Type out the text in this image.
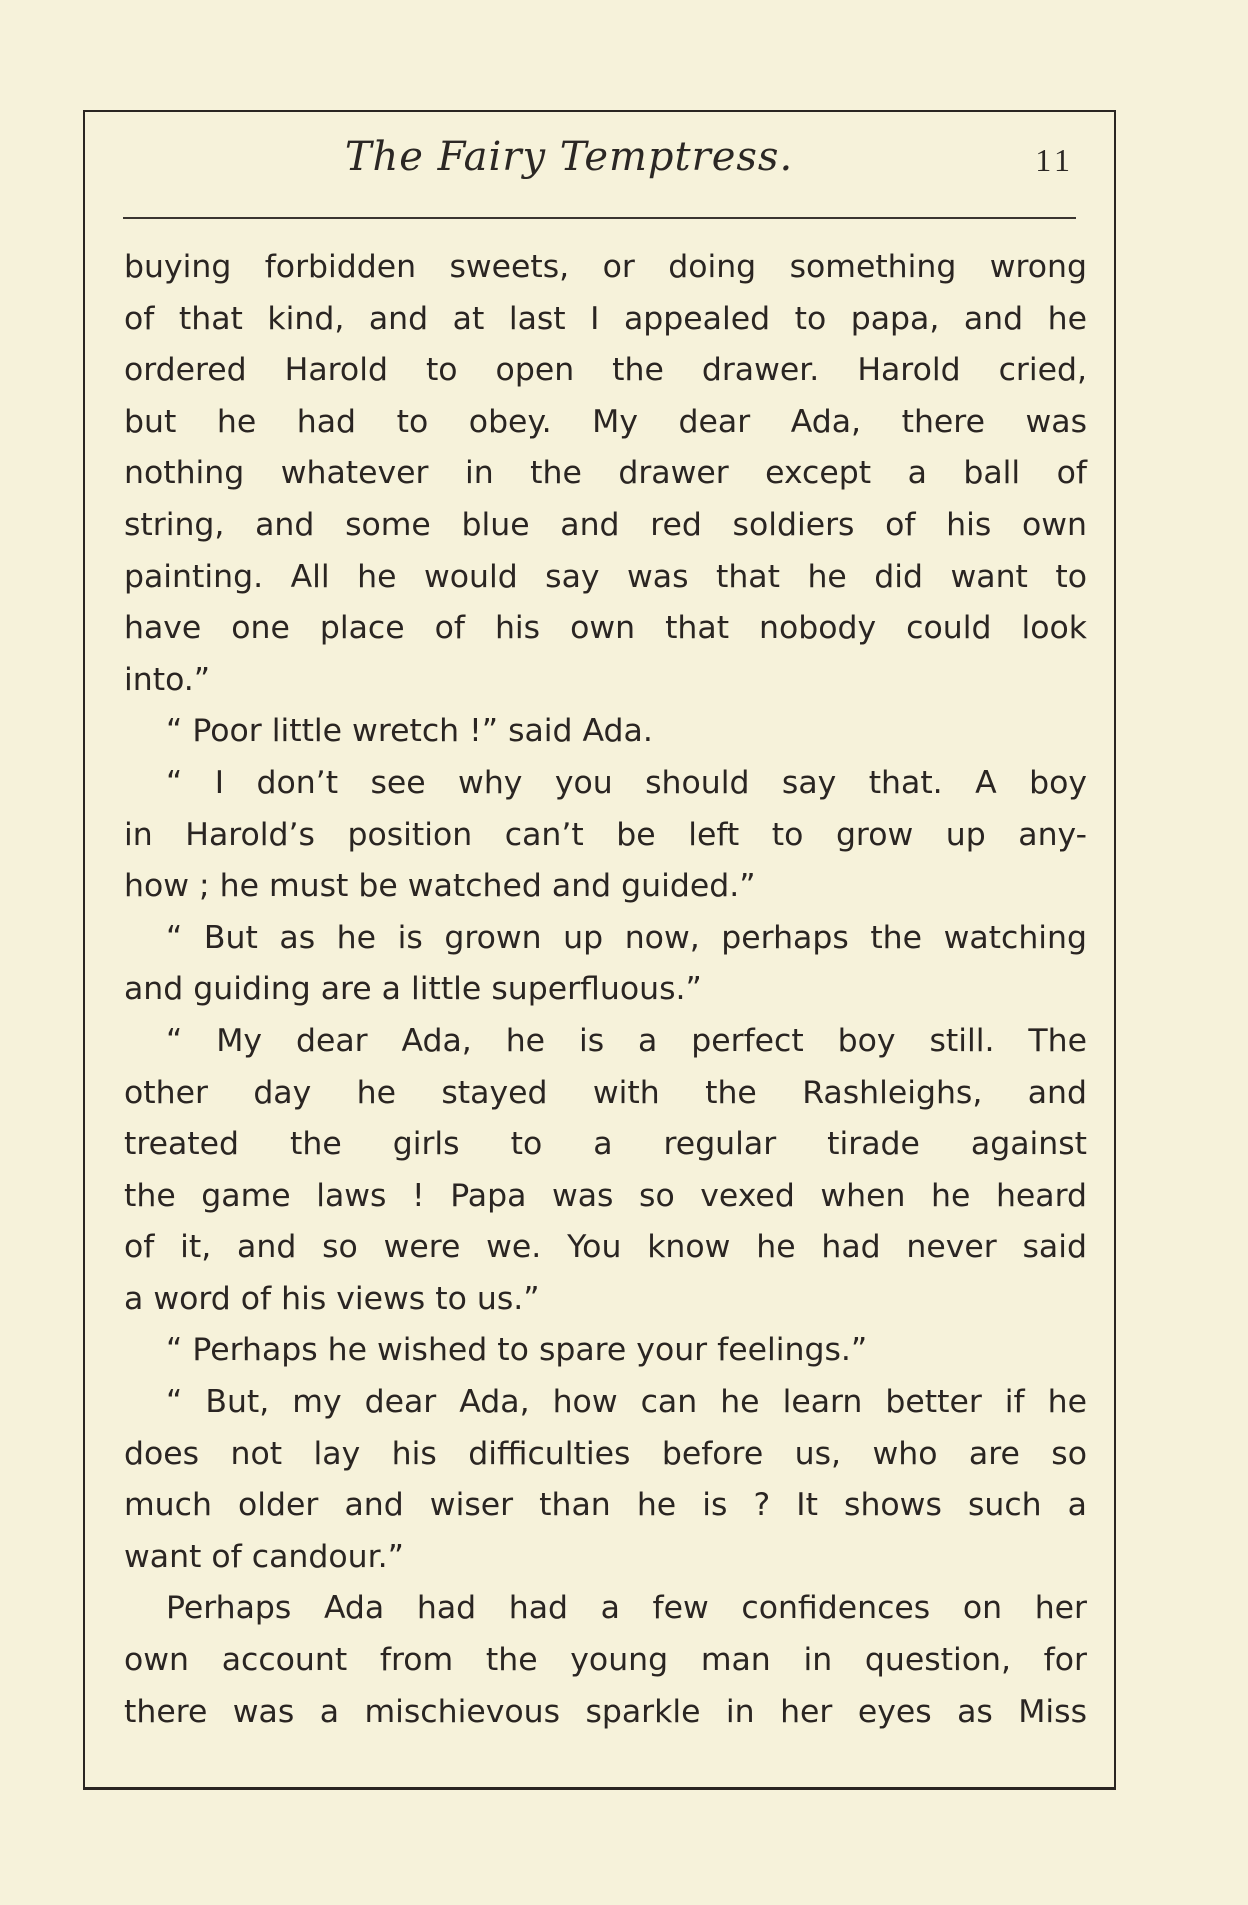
The Fairy Temptress.	11
buying forbidden sweets, or doing something wrong
of that kind, and at last I appealed to papa, and he
ordered Harold to open the drawer. Harold cried,
but he had to obey. My dear Ada, there was
nothing whatever in the drawer except a ball of
string, and some blue and red soldiers of his own
painting. All he would say was that he did want to
have one place of his own that nobody could look
into.”
“ Poor little wretch !” said Ada.
“ I don’t see why you should say that. A boy
in Harold’s position can’t be left to grow up any-
how ; he must be watched and guided.”
“ But as he is grown up now, perhaps the watching
and guiding are a little superfluous.”
“ My dear Ada, he is a perfect boy still. The
other day he stayed with the Rashleighs, and
treated the girls to a regular tirade against
the game laws ! Papa was so vexed when he heard
of it, and so were we. You know he had never said
a word of his views to us.”
“ Perhaps he wished to spare your feelings.”
“ But, my dear Ada, how can he learn better if he
does not lay his difficulties before us, who are so
much older and wiser than he is ? It shows such a
want of candour.”
Perhaps Ada had had a few confidences on her
own account from the young man in question, for
there was a mischievous sparkle in her eyes as Miss
